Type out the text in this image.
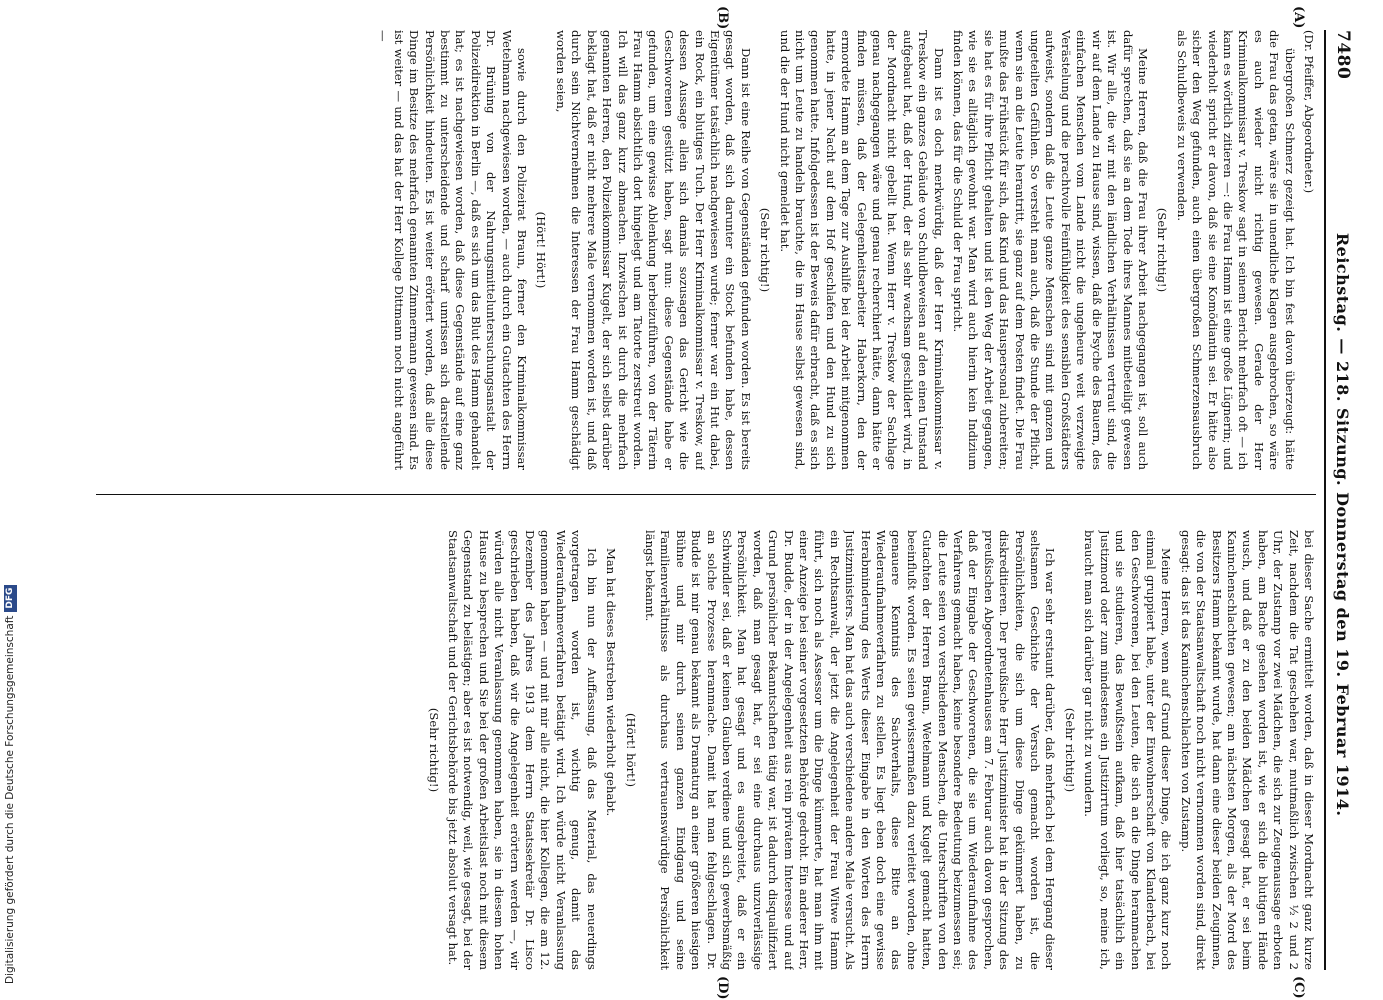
7480
Reichstag. — 218. Sitzung. Donnerstag den 19. Februar 1914.
(A)
(B)
(C)
(D)

(Dr. Pfeiffer, Abgeordneter.)

übergroßen Schmerz gezeigt hat. Ich bin fest davon überzeugt: hätte die Frau das getan, wäre sie in unendliche Klagen ausgebrochen, so wäre es auch wieder nicht richtig gewesen. Gerade der Herr Kriminalkommissar v. Treskow sagt in seinem Bericht mehrfach oft — ich kann es wörtlich zitieren —: die Frau Hamm ist eine große Lügnerin; und wiederholt spricht er davon, daß sie eine Komödiantin sei. Er hätte also sicher den Weg gefunden, auch einen übergroßen Schmerzensausbruch als Schuldbeweis zu verwenden.

(Sehr richtig!)

Meine Herren, daß die Frau ihrer Arbeit nachgegangen ist, soll auch dafür sprechen, daß sie an dem Tode ihres Mannes mitbeteiligt gewesen ist. Wir alle, die wir mit den ländlichen Verhältnissen vertraut sind, die wir auf dem Lande zu Hause sind, wissen, daß die Psyche des Bauern, des einfachen Menschen vom Lande nicht die ungeheure weit verzweigte Verästelung und die prachtvolle Feinfühligkeit des sensiblen Großstädters aufweist, sondern daß die Leute ganze Menschen sind mit ganzen und ungeteilten Gefühlen. So versteht man auch, daß die Stunde der Pflicht, wenn sie an die Leute herantritt, sie ganz auf dem Posten findet. Die Frau mußte das Frühstück für sich, das Kind und das Hauspersonal zubereiten; sie hat es für ihre Pflicht gehalten und ist den Weg der Arbeit gegangen, wie sie es alltäglich gewohnt war. Man wird auch hierin kein Indizium finden können, das für die Schuld der Frau spricht.

Dann ist es doch merkwürdig, daß der Herr Kriminalkommissar v. Treskow ein ganzes Gebäude von Schuldbeweisen auf den einen Umstand aufgebaut hat, daß der Hund, der als sehr wachsam geschildert wird, in der Mordnacht nicht gebellt hat. Wenn Herr v. Treskow der Sachlage genau nachgegangen wäre und genau recherchiert hätte, dann hätte er finden müssen, daß der Gelegenheitsarbeiter Haberkorn, den der ermordete Hamm an dem Tage zur Aushilfe bei der Arbeit mitgenommen hatte, in jener Nacht auf dem Hof geschlafen und den Hund zu sich genommen hatte. Infolgedessen ist der Beweis dafür erbracht, daß es sich nicht um Leute zu handeln brauchte, die im Hause selbst gewesen sind, und die der Hund nicht gemeldet hat.

(Sehr richtig!)

Dann ist eine Reihe von Gegenständen gefunden worden. Es ist bereits gesagt worden, daß sich darunter ein Stock befunden habe, dessen Eigentümer tatsächlich nachgewiesen wurde; ferner war ein Hut dabei, ein Rock, ein blutiges Tuch. Der Herr Kriminalkommissar v. Treskow, auf dessen Aussage allein sich damals sozusagen das Gericht wie die Geschworenen gestützt haben, sagt nun: diese Gegenstände habe er gefunden, um eine gewisse Ablenkung herbeizuführen, von der Täterin Frau Hamm absichtlich dort hingelegt und am Tatorte zerstreut worden. Ich will das ganz kurz abmachen. Inzwischen ist durch die mehrfach genannten Herren, den Polizeikommissar Kugelt, der sich selbst darüber beklagt hat, daß er nicht mehrere Male vernommen worden ist, und daß durch sein Nichtvernehmen die Interessen der Frau Hamm geschädigt worden seien,

(Hört! Hört!)

sowie durch den Polizeirat Braun, ferner den Kriminalkommissar Wetelmann nachgewiesen worden, — auch durch ein Gutachten des Herrn Dr. Brüning von der Nahrungsmitteluntersuchungsanstalt der Polizeidirektion in Berlin —, daß es sich um das Blut des Hamm gehandelt hat; es ist nachgewiesen worden, daß diese Gegenstände auf eine ganz bestimmt zu unterscheidende und scharf umrissen sich darstellende Persönlichkeit hindeuten. Es ist weiter erörtert worden, daß alle diese Dinge im Besitze des mehrfach genannten Zimmermann gewesen sind. Es ist weiter — und das hat der Herr Kollege Dittmann noch nicht angeführt —

bei dieser Sache ermittelt worden, daß in dieser Mordnacht ganz kurze Zeit, nachdem die Tat geschehen war, mutmaßlich zwischen ½ 2 und 2 Uhr, der Zustamp vor zwei Mädchen, die sich zur Zeugenaussage erboten haben, am Bache gesehen worden ist, wie er sich die blutigen Hände wusch, und daß er zu den beiden Mädchen gesagt hat, er sei beim Kaninchenschlachten gewesen; am nächsten Morgen, als der Mord des Besitzers Hamm bekannt wurde, hat dann eine dieser beiden Zeuginnen, die von der Staatsanwaltschaft noch nicht vernommen worden sind, direkt gesagt: das ist das Kaninchenschlachten von Zustamp.

Meine Herren, wenn auf Grund dieser Dinge, die ich ganz kurz noch einmal gruppiert habe, unter der Einwohnerschaft von Klanderbach, bei den Geschworenen, bei den Leuten, die sich an die Dinge heranmachen und sie studieren, das Bewußtsein aufkam, daß hier tatsächlich ein Justizmord oder zum mindestens ein Justizirrtum vorliegt, so, meine ich, braucht man sich darüber gar nicht zu wundern.

(Sehr richtig!)

Ich war sehr erstaunt darüber, daß mehrfach bei dem Hergang dieser seltsamen Geschichte der Versuch gemacht worden ist, die Persönlichkeiten, die sich um diese Dinge gekümmert haben, zu diskreditieren. Der preußische Herr Justizminister hat in der Sitzung des preußischen Abgeordnetenhauses am 7. Februar auch davon gesprochen, daß der Eingabe der Geschworenen, die sie um Wiederaufnahme des Verfahrens gemacht haben, keine besondere Bedeutung beizumessen sei; die Leute seien von verschiedenen Menschen, die Unterschriften von den Gutachten der Herren Braun, Wetelmann und Kugelt gemacht hatten, beeinflußt worden. Es seien gewissermaßen dazu verleitet worden, ohne genauere Kenntnis des Sachverhalts, diese Bitte an das Wiederaufnahmeverfahren zu stellen. Es liegt eben doch eine gewisse Herabminderung des Werts dieser Eingabe in den Worten des Herrn Justizministers. Man hat das auch verschiedene andere Male versucht. Als ein Rechtsanwalt, der jetzt die Angelegenheit der Frau Witwe Hamm führt, sich noch als Assessor um die Dinge kümmerte, hat man ihm mit einer Anzeige bei seiner vorgesetzten Behörde gedroht. Ein anderer Herr, Dr. Budde, der in der Angelegenheit aus rein privatem Interesse und auf Grund persönlicher Bekanntschaften tätig war, ist dadurch disqualifiziert worden, daß man gesagt hat, er sei eine durchaus unzuverlässige Persönlichkeit. Man hat gesagt und es ausgebreitet, daß er ein Schwindler sei, daß er keinen Glauben verdiene und sich gewerbsmäßig an solche Prozesse heranmache. Damit hat man fehlgeschlagen. Dr. Budde ist mir genau bekannt als Dramaturg an einer größeren hiesigen Bühne und mir durch seinen ganzen Eindgang und seine Familienverhältnisse als durchaus vertrauenswürdige Persönlichkeit längst bekannt.

(Hört! hört!)

Man hat dieses Bestreben wiederholt gehabt.

Ich bin nun der Auffassung, daß das Material, das neuerdings vorgetragen worden ist, wichtig genug, damit das Wiederaufnahmeverfahren betätigt wird. Ich würde nicht Veranlassung genommen haben — und mit mir alle nicht, die hier Kollegen, die am 12. Dezember des Jahres 1913 dem Herrn Staatssekretär Dr. Lisco geschrieben haben, daß wir die Angelegenheit erörtern werden —, wir würden alle nicht Veranlassung genommen haben, sie in diesem hohen Hause zu besprechen und Sie bei der großen Arbeitslast noch mit diesem Gegenstand zu belästigen; aber es ist notwendig, weil, wie gesagt, bei der Staatsanwaltschaft und der Gerichtsbehörde bis jetzt absolut versagt hat.

(Sehr richtig!)

Digitalisierung gefördert durch die Deutsche Forschungsgemeinschaft
DFG
